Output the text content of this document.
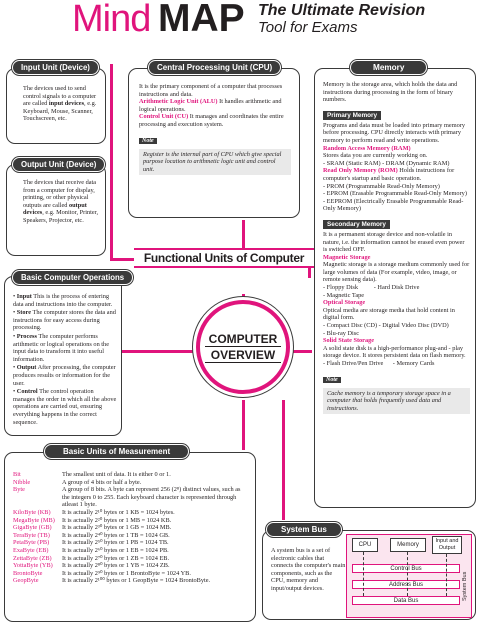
Mind MAP The Ultimate Revision
Tool for Exams
The devices used to send control signals to a computer are called input devices, e.g. Keyboard, Mouse, Scanner, Touchscreen, etc.
Input Unit (Device)
The devices that receive data from a computer for display, printing, or other physical outputs are called output devices, e.g. Monitor, Printer, Speakers, Projector, etc.
Output Unit (Device)
It is the primary component of a computer that processes instructions and data.
Arithmetic Logic Unit (ALU) It handles arithmetic and logical operations.
Control Unit (CU) It manages and coordinates the entire processing and execution system.
Note
Register is the internal part of CPU which give special purpose location to arithmetic logic unit and control unit.
Central Processing Unit (CPU)
Functional Units of Computer
COMPUTER
OVERVIEW
• Input This is the process of entering data and instructions into the computer.
• Store The computer stores the data and instructions for easy access during processing.
• Process The computer performs arithmetic or logical operations on the input data to transform it into useful information.
• Output After processing, the computer produces results or information for the user.
• Control The control operation manages the order in which all the above operations are carried out, ensuring everything happens in the correct sequence.
Basic Computer Operations
Memory is the storage area, which holds the data and instructions during processing in the form of binary numbers.
Primary Memory
Programs and data must be loaded into primary memory before processing. CPU directly interacts with primary memory to perform read and write operations.
Random Access Memory (RAM)
Stores data you are currently working on.
- SRAM (Static RAM) - DRAM (Dynamic RAM)
Read Only Memory (ROM) Holds instructions for computer's startup and basic operation.
- PROM (Programmable Read-Only Memory)
- EPROM (Erasable Programmable Read-Only Memory)
- EEPROM (Electrically Erasable Programmable Read-Only Memory)
Secondary Memory
It is a permanent storage device and non-volatile in nature, i.e. the information cannot be erased even power is switched OFF.
Magnetic Storage
Magnetic storage is a storage medium commonly used for large volumes of data (For example, video, image, or remote sensing data).
- Floppy Disk          - Hard Disk Drive
- Magnetic Tape
Optical Storage
Optical media are storage media that hold content in digital form.
- Compact Disc (CD) - Digital Video Disc (DVD)
- Blu-ray Disc
Solid State Storage
A solid state disk is a high-performance plug-and - play storage device. It stores persistent data on flash memory.
- Flash Drive/Pen Drive      - Memory Cards
Note
Cache memory is a temporary storage space in a computer that holds frequently used data and instructions.
Memory
Bit	The smallest unit of data. It is either 0 or 1.
Nibble	A group of 4 bits or half a byte.
Byte	A group of 8 bits. A byte can represent 256 (2⁸) distinct values, such as the integers 0 to 255. Each keyboard character is represented through atleast 1 byte.
KiloByte (KB)	It is actually 2¹⁰ bytes or 1 KB = 1024 bytes.
MegaByte (MB)	It is actually 2²⁰ bytes or 1 MB = 1024 KB.
GigaByte (GB)	It is actually 2³⁰ bytes or 1 GB = 1024 MB.
TeraByte (TB)	It is actually 2⁴⁰ bytes or 1 TB = 1024 GB.
PetaByte (PB)	It is actually 2⁵⁰ bytes or 1 PB = 1024 TB.
ExaByte (EB)	It is actually 2⁶⁰ bytes or 1 EB = 1024 PB.
ZettaByte (ZB)	It is actually 2⁷⁰ bytes or 1 ZB = 1024 EB.
YottaByte (YB)	It is actually 2⁸⁰ bytes or 1 YB = 1024 ZB.
BrontoByte	It is actually 2⁹⁰ bytes or 1 BrontoByte = 1024 YB.
GeopByte	It is actually 2¹⁰⁰ bytes or 1 GeopByte = 1024 BrontoByte.
Basic Units of Measurement
A system bus is a set of electronic cables that connects the computer's main components, such as the CPU, memory and input/output devices.
System Bus
CPU	Memory
Input and Output
Control Bus
Address Bus
Data Bus
System Bus
